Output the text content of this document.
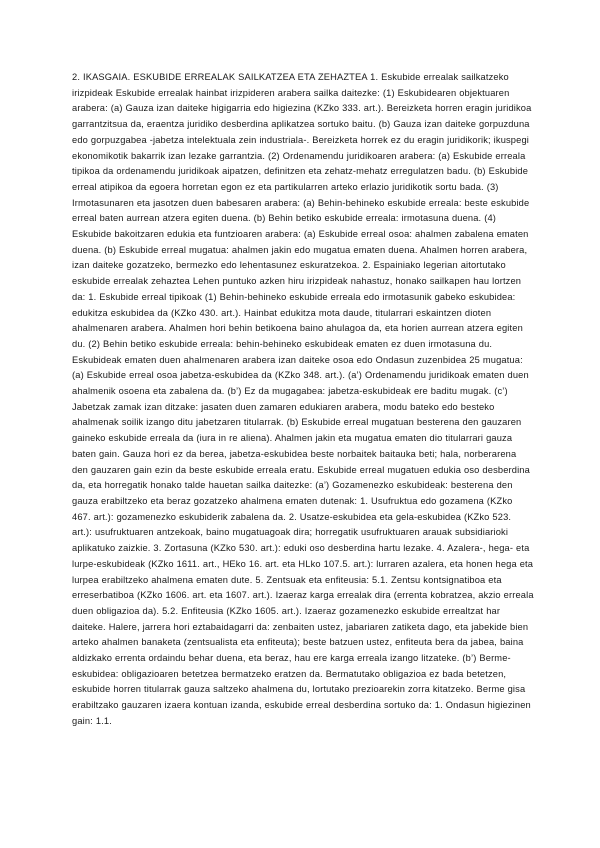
2. IKASGAIA. ESKUBIDE ERREALAK SAILKATZEA ETA ZEHAZTEA 1. Eskubide errealak sailkatzeko irizpideak Eskubide errealak hainbat irizpideren arabera sailka daitezke: (1) Eskubidearen objektuaren arabera: (a) Gauza izan daiteke higigarria edo higiezina (KZko 333. art.). Bereizketa horren eragin juridikoa garrantzitsua da, eraentza juridiko desberdina aplikatzea sortuko baitu. (b) Gauza izan daiteke gorpuzduna edo gorpuzgabea -jabetza intelektuala zein industriala-. Bereizketa horrek ez du eragin juridikorik; ikuspegi ekonomikotik bakarrik izan lezake garrantzia. (2) Ordenamendu juridikoaren arabera: (a) Eskubide erreala tipikoa da ordenamendu juridikoak aipatzen, definitzen eta zehatz-mehatz erregulatzen badu. (b) Eskubide erreal atipikoa da egoera horretan egon ez eta partikularren arteko erlazio juridikotik sortu bada. (3) Irmotasunaren eta jasotzen duen babesaren arabera: (a) Behin-behineko eskubide erreala: beste eskubide erreal baten aurrean atzera egiten duena. (b) Behin betiko eskubide erreala: irmotasuna duena. (4) Eskubide bakoitzaren edukia eta funtzioaren arabera: (a) Eskubide erreal osoa: ahalmen zabalena ematen duena. (b) Eskubide erreal mugatua: ahalmen jakin edo mugatua ematen duena. Ahalmen horren arabera, izan daiteke gozatzeko, bermezko edo lehentasunez eskuratzekoa. 2. Espainiako legerian aitortutako eskubide errealak zehaztea Lehen puntuko azken hiru irizpideak nahastuz, honako sailkapen hau lortzen da: 1. Eskubide erreal tipikoak (1) Behin-behineko eskubide erreala edo irmotasunik gabeko eskubidea: edukitza eskubidea da (KZko 430. art.). Hainbat edukitza mota daude, titularrari eskaintzen dioten ahalmenaren arabera. Ahalmen hori behin betikoena baino ahulagoa da, eta horien aurrean atzera egiten du. (2) Behin betiko eskubide erreala: behin-behineko eskubideak ematen ez duen irmotasuna du. Eskubideak ematen duen ahalmenaren arabera izan daiteke osoa edo Ondasun zuzenbidea 25 mugatua: (a) Eskubide erreal osoa jabetza-eskubidea da (KZko 348. art.). (a’) Ordenamendu juridikoak ematen duen ahalmenik osoena eta zabalena da. (b’) Ez da mugagabea: jabetza-eskubideak ere baditu mugak. (c’) Jabetzak zamak izan ditzake: jasaten duen zamaren edukiaren arabera, modu bateko edo besteko ahalmenak soilik izango ditu jabetzaren titularrak. (b) Eskubide erreal mugatuan besterena den gauzaren gaineko eskubide erreala da (iura in re aliena). Ahalmen jakin eta mugatua ematen dio titularrari gauza baten gain. Gauza hori ez da berea, jabetza-eskubidea beste norbaitek baitauka beti; hala, norberarena den gauzaren gain ezin da beste eskubide erreala eratu. Eskubide erreal mugatuen edukia oso desberdina da, eta horregatik honako talde hauetan sailka daitezke: (a’) Gozamenezko eskubideak: besterena den gauza erabiltzeko eta beraz gozatzeko ahalmena ematen dutenak: 1. Usufruktua edo gozamena (KZko 467. art.): gozamenezko eskubiderik zabalena da. 2. Usatze-eskubidea eta gela-eskubidea (KZko 523. art.): usufruktuaren antzekoak, baino mugatuagoak dira; horregatik usufruktuaren arauak subsidiarioki aplikatuko zaizkie. 3. Zortasuna (KZko 530. art.): eduki oso desberdina hartu lezake. 4. Azalera-, hega- eta lurpe-eskubideak (KZko 1611. art., HEko 16. art. eta HLko 107.5. art.): lurraren azalera, eta honen hega eta lurpea erabiltzeko ahalmena ematen dute. 5. Zentsuak eta enfiteusia: 5.1. Zentsu kontsignatiboa eta erreserbatiboa (KZko 1606. art. eta 1607. art.). Izaeraz karga errealak dira (errenta kobratzea, akzio erreala duen obligazioa da). 5.2. Enfiteusia (KZko 1605. art.). Izaeraz gozamenezko eskubide errealtzat har daiteke. Halere, jarrera hori eztabaidagarri da: zenbaiten ustez, jabariaren zatiketa dago, eta jabekide bien arteko ahalmen banaketa (zentsualista eta enfiteuta); beste batzuen ustez, enfiteuta bera da jabea, baina aldizkako errenta ordaindu behar duena, eta beraz, hau ere karga erreala izango litzateke. (b’) Berme-eskubidea: obligazioaren betetzea bermatzeko eratzen da. Bermatutako obligazioa ez bada betetzen, eskubide horren titularrak gauza saltzeko ahalmena du, lortutako prezioarekin zorra kitatzeko. Berme gisa erabiltzako gauzaren izaera kontuan izanda, eskubide erreal desberdina sortuko da: 1. Ondasun higiezinen gain: 1.1.
